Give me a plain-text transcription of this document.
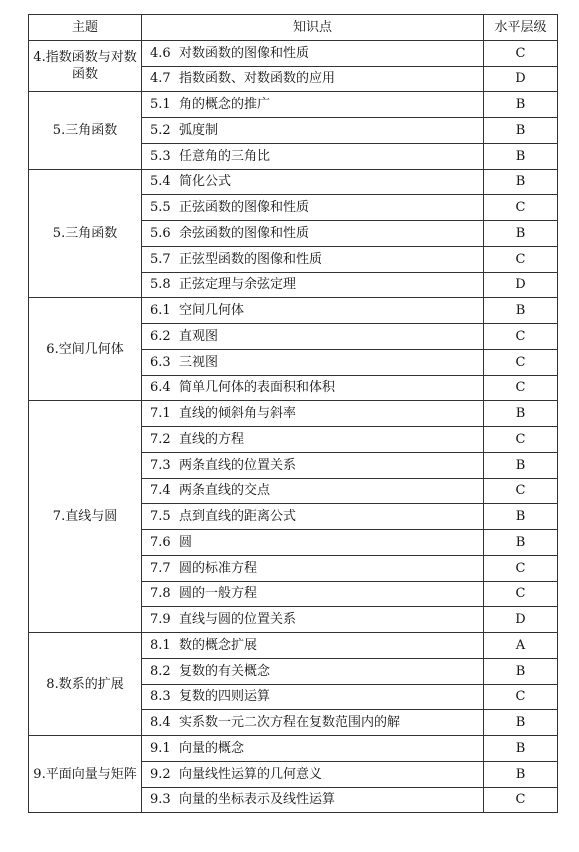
主题	知识点	水平层级
4.指数函数与对数函数	4.6 对数函数的图像和性质	C
	4.7 指数函数、对数函数的应用	D
5.三角函数	5.1 角的概念的推广	B
	5.2 弧度制	B
	5.3 任意角的三角比	B
5.三角函数	5.4 简化公式	B
	5.5 正弦函数的图像和性质	C
	5.6 余弦函数的图像和性质	B
	5.7 正弦型函数的图像和性质	C
	5.8 正弦定理与余弦定理	D
6.空间几何体	6.1 空间几何体	B
	6.2 直观图	C
	6.3 三视图	C
	6.4 简单几何体的表面积和体积	C
7.直线与圆	7.1 直线的倾斜角与斜率	B
	7.2 直线的方程	C
	7.3 两条直线的位置关系	B
	7.4 两条直线的交点	C
	7.5 点到直线的距离公式	B
	7.6 圆	B
	7.7 圆的标准方程	C
	7.8 圆的一般方程	C
	7.9 直线与圆的位置关系	D
8.数系的扩展	8.1 数的概念扩展	A
	8.2 复数的有关概念	B
	8.3 复数的四则运算	C
	8.4 实系数一元二次方程在复数范围内的解	B
9.平面向量与矩阵	9.1 向量的概念	B
	9.2 向量线性运算的几何意义	B
	9.3 向量的坐标表示及线性运算	C
